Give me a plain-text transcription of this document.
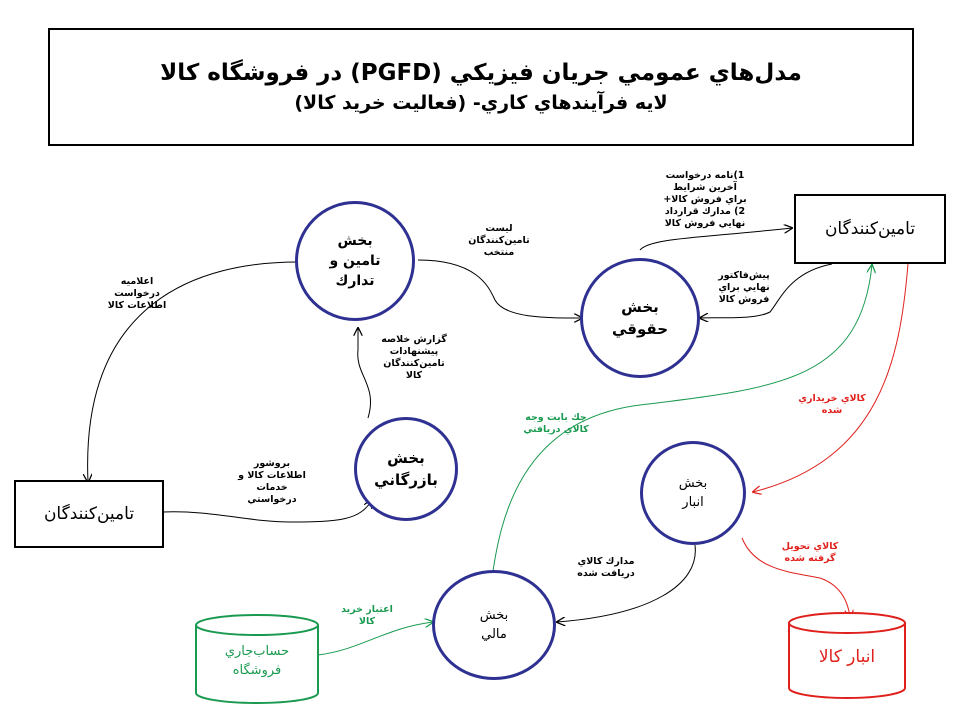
مدل‌هاي عمومي جريان فيزيكي (PGFD) در فروشگاه كالا
لايه فرآيندهاي كاري- (فعاليت خريد كالا)
تامين‌كنندگان
تامين‌كنندگان
بخش
تامين و
تدارك
بخش
حقوقي
بخش
بازرگاني	بخش
انبار
بخش
مالي
حساب‌جاري
فروشگاه
انبار كالا
اعلاميه
درخواست
اطلاعات كالا
ليست
تامين‌كنندگان
منتخب
1)نامه درخواست
آخرين شرايط
براي فروش كالا+
2) مدارك قرارداد
نهايي فروش كالا
پيش‌فاكتور
نهايي براي
فروش كالا
گزارش خلاصه
پيشنهادات
تامين‌كنندگان
كالا
بروشور
اطلاعات كالا و
خدمات
درخواستي
چك بابت وجه
كالاي دريافتي
كالاي خريداري
شده
مدارك كالاي
دريافت شده
كالاي تحويل
گرفته شده
اعتبار خريد
كالا
